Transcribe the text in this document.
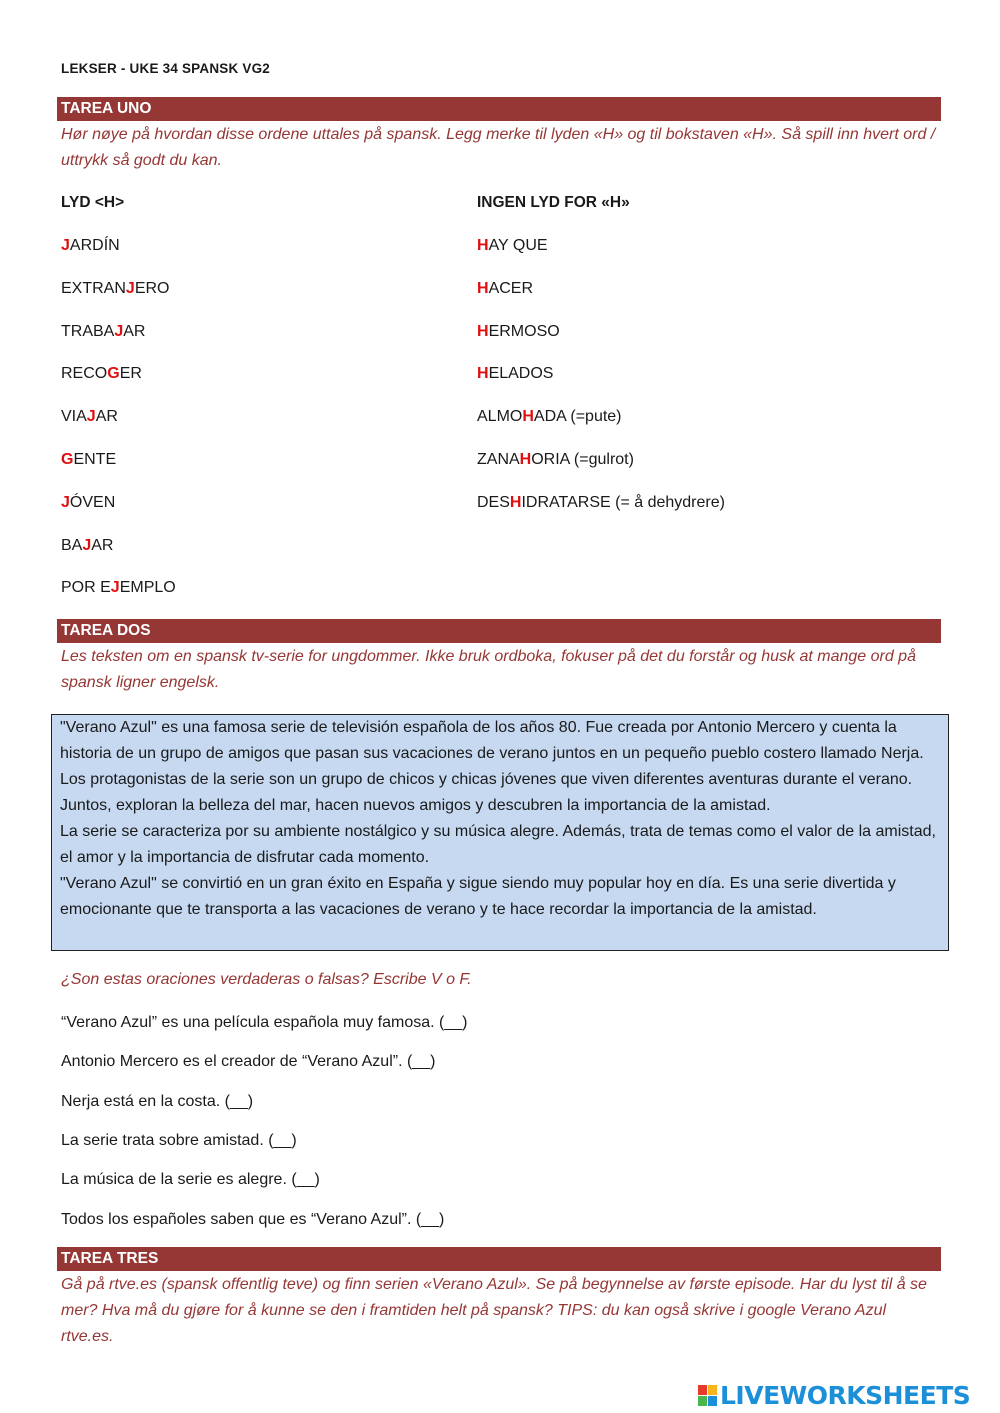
LEKSER - UKE 34 SPANSK VG2
TAREA UNO
Hør nøye på hvordan disse ordene uttales på spansk. Legg merke til lyden «H» og til bokstaven «H». Så spill inn hvert ord / uttrykk så godt du kan.
LYD <H>	INGEN LYD FOR «H»
JARDÍN
EXTRANJERO
TRABAJAR
RECOGER
VIAJAR
GENTE
JÓVEN
BAJAR
POR EJEMPLO
HAY QUE
HACER
HERMOSO
HELADOS
ALMOHADA (=pute)
ZANAHORIA (=gulrot)
DESHIDRATARSE (= å dehydrere)
TAREA DOS
Les teksten om en spansk tv-serie for ungdommer. Ikke bruk ordboka, fokuser på det du forstår og husk at mange ord på spansk ligner engelsk.

"Verano Azul" es una famosa serie de televisión española de los años 80. Fue creada por Antonio Mercero y cuenta la historia de un grupo de amigos que pasan sus vacaciones de verano juntos en un pequeño pueblo costero llamado Nerja.

Los protagonistas de la serie son un grupo de chicos y chicas jóvenes que viven diferentes aventuras durante el verano. Juntos, exploran la belleza del mar, hacen nuevos amigos y descubren la importancia de la amistad.

La serie se caracteriza por su ambiente nostálgico y su música alegre. Además, trata de temas como el valor de la amistad, el amor y la importancia de disfrutar cada momento.

"Verano Azul" se convirtió en un gran éxito en España y sigue siendo muy popular hoy en día. Es una serie divertida y emocionante que te transporta a las vacaciones de verano y te hace recordar la importancia de la amistad.

¿Son estas oraciones verdaderas o falsas? Escribe V o F.
“Verano Azul” es una película española muy famosa. (__)
Antonio Mercero es el creador de “Verano Azul”. (__)
Nerja está en la costa. (__)
La serie trata sobre amistad. (__)
La música de la serie es alegre. (__)
Todos los españoles saben que es “Verano Azul”. (__)
TAREA TRES
Gå på rtve.es (spansk offentlig teve) og finn serien «Verano Azul». Se på begynnelse av første episode. Har du lyst til å se mer? Hva må du gjøre for å kunne se den i framtiden helt på spansk? TIPS: du kan også skrive i google Verano Azul rtve.es.
LIVEWORKSHEETS
